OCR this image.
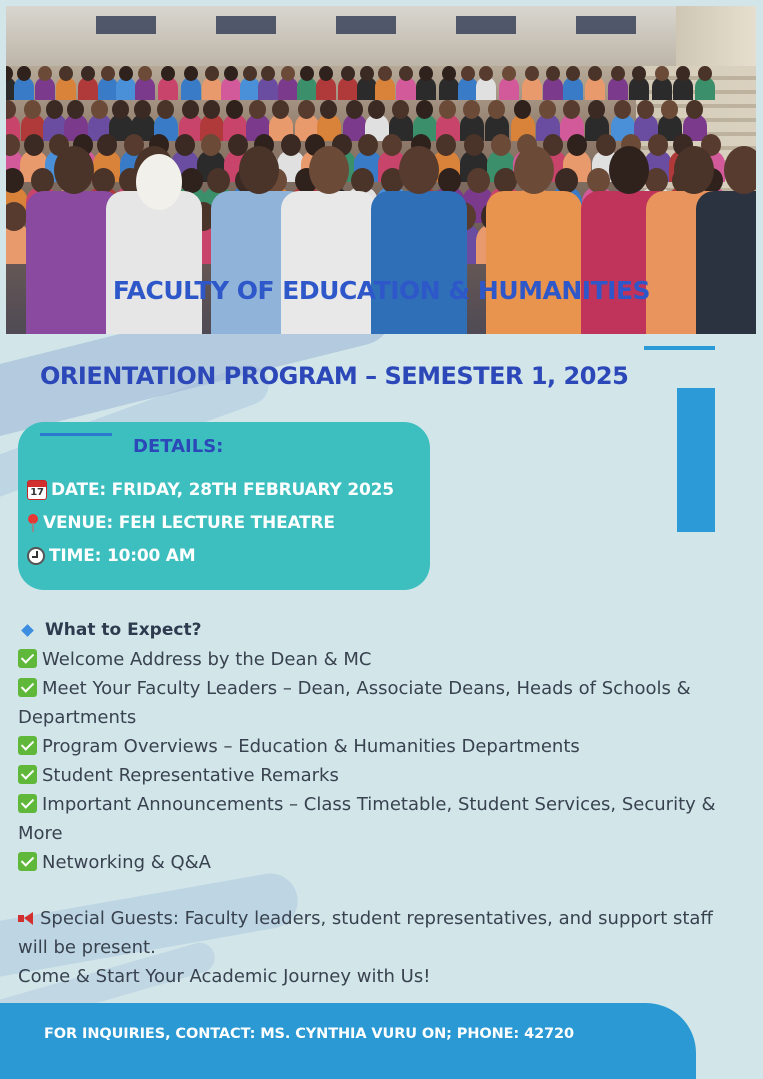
FACULTY OF EDUCATION & HUMANITIES
ORIENTATION PROGRAM – SEMESTER 1, 2025
DETAILS:
17 DATE: FRIDAY, 28TH FEBRUARY 2025
VENUE: FEH LECTURE THEATRE
TIME: 10:00 AM
What to Expect?
Welcome Address by the Dean & MC
Meet Your Faculty Leaders – Dean, Associate Deans, Heads of Schools & Departments
Program Overviews – Education & Humanities Departments
Student Representative Remarks
Important Announcements – Class Timetable, Student Services, Security & More
Networking & Q&A
Special Guests: Faculty leaders, student representatives, and support staff will be present.
Come & Start Your Academic Journey with Us!
FOR INQUIRIES, CONTACT: MS. CYNTHIA VURU ON; PHONE: 42720
